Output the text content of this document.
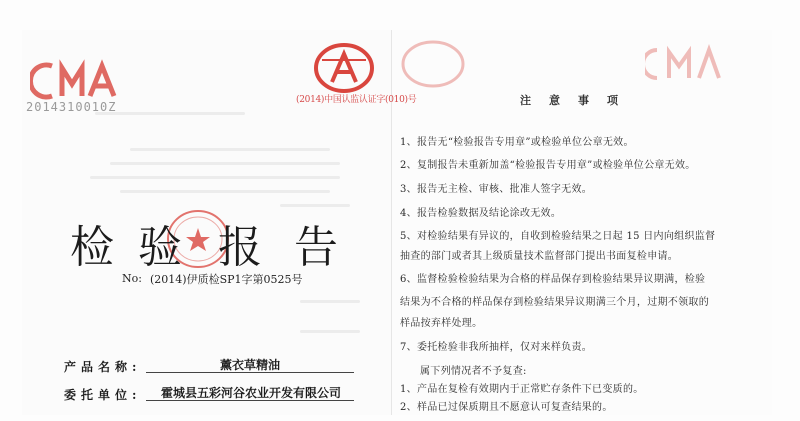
2014310010Z	(2014)中国认监认证字(010)号
检 验 报 告
No: (2014)伊质检SP1字第0525号
产品名称:	薰衣草精油
委托单位:	霍城县五彩河谷农业开发有限公司
注意事项
1、报告无“检验报告专用章”或检验单位公章无效。
2、复制报告未重新加盖“检验报告专用章”或检验单位公章无效。
3、报告无主检、审核、批准人签字无效。
4、报告检验数据及结论涂改无效。
5、对检验结果有异议的，自收到检验结果之日起 15 日内向组织监督
抽查的部门或者其上级质量技术监督部门提出书面复检申请。
6、监督检验检验结果为合格的样品保存到检验结果异议期满，检验
结果为不合格的样品保存到检验结果异议期满三个月，过期不领取的
样品按弃样处理。
7、委托检验非我所抽样，仅对来样负责。
属下列情况者不予复查:
1、产品在复检有效期内于正常贮存条件下已变质的。
2、样品已过保质期且不愿意认可复查结果的。
